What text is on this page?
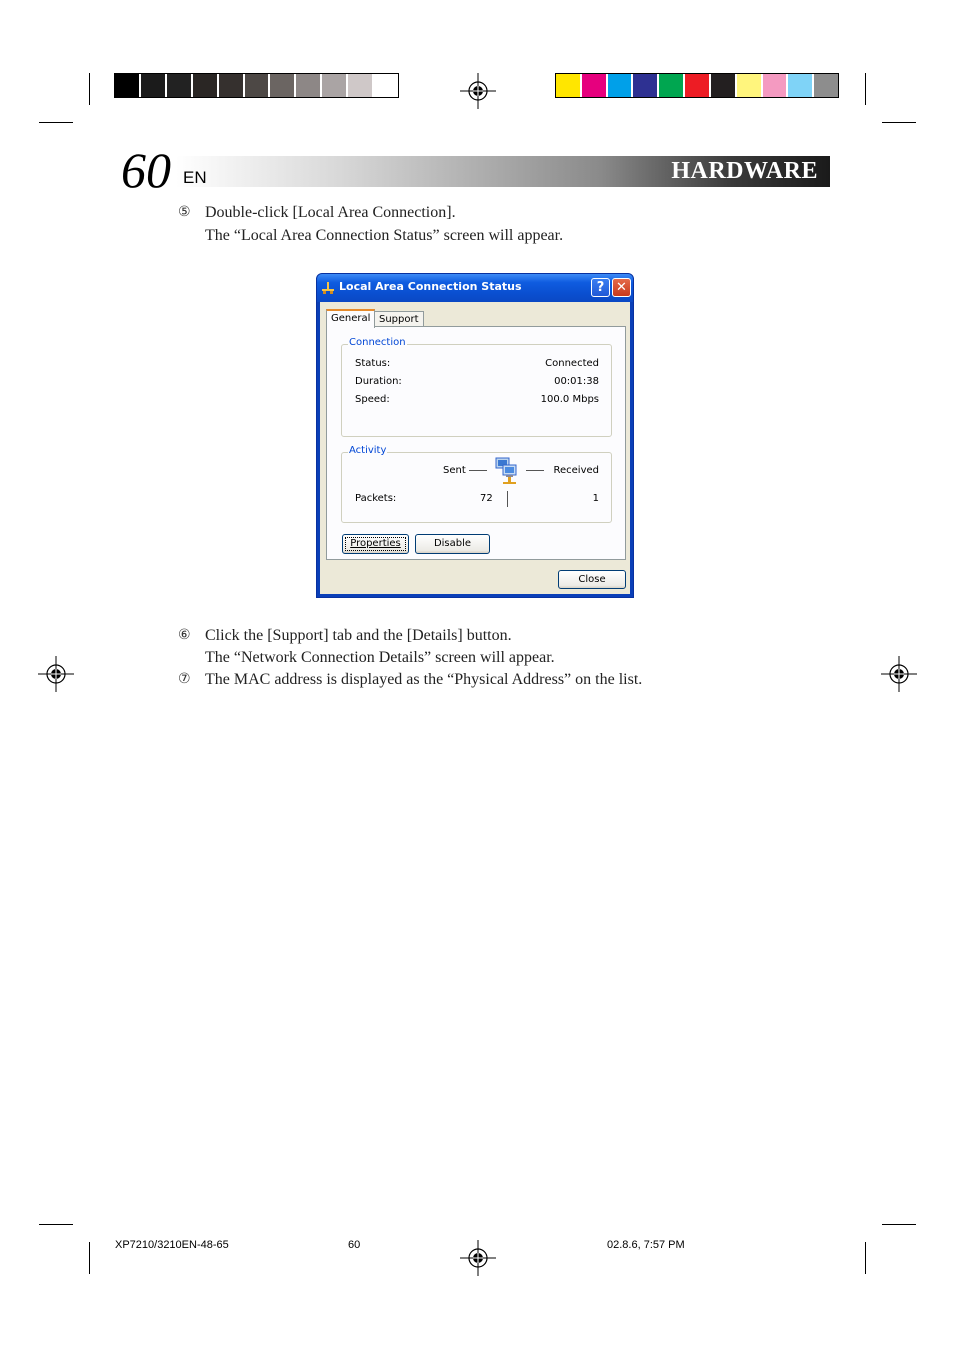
60	HARDWARE
EN
⑤ Double-click [Local Area Connection].
The “Local Area Connection Status” screen will appear.
Local Area Connection Status	? ✕
General Support
Connection
Status:	Connected
Duration:	00:01:38
Speed:	100.0 Mbps
Activity
Sent	Received
Packets:	72	1
Properties	Disable
Close
⑥ Click the [Support] tab and the [Details] button.
The “Network Connection Details” screen will appear.
⑦ The MAC address is displayed as the “Physical Address” on the list.
XP7210/3210EN-48-65	60	02.8.6, 7:57 PM
